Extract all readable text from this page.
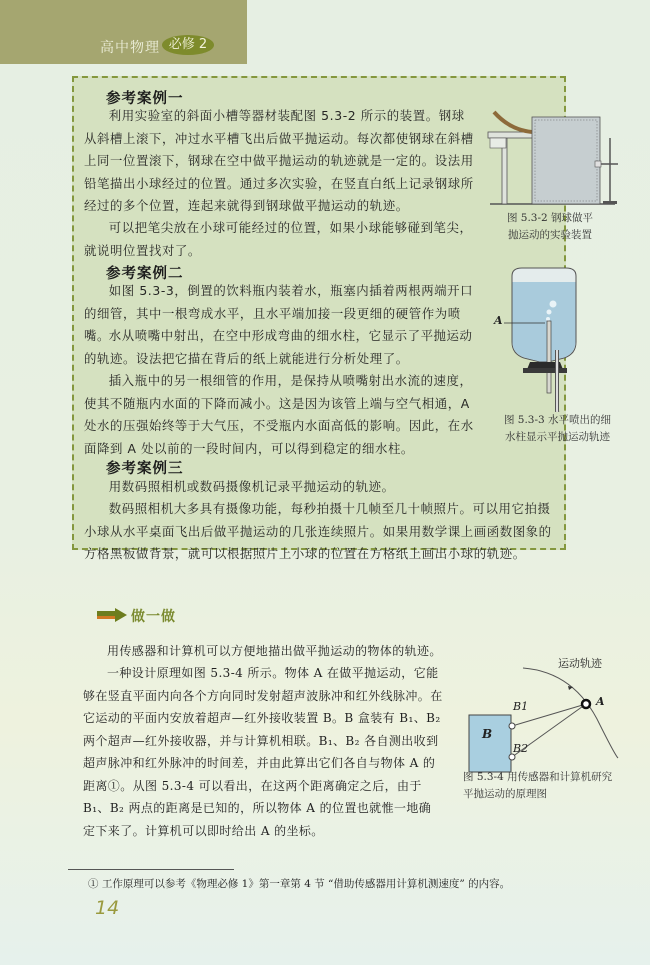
高中物理 必修 2
参考案例一
利用实验室的斜面小槽等器材装配图 5.3-2 所示的装置。钢球从斜槽上滚下，冲过水平槽飞出后做平抛运动。每次都使钢球在斜槽上同一位置滚下，钢球在空中做平抛运动的轨迹就是一定的。设法用铅笔描出小球经过的位置。通过多次实验，在竖直白纸上记录钢球所经过的多个位置，连起来就得到钢球做平抛运动的轨迹。
可以把笔尖放在小球可能经过的位置，如果小球能够碰到笔尖，就说明位置找对了。
图 5.3-2 钢球做平
抛运动的实验装置
参考案例二
如图 5.3-3，倒置的饮料瓶内装着水，瓶塞内插着两根两端开口的细管，其中一根弯成水平，且水平端加接一段更细的硬管作为喷嘴。
水从喷嘴中射出，在空中形成弯曲的细水柱，它显示了平抛运动的轨迹。设法把它描在背后的纸上就能进行分析处理了。
插入瓶中的另一根细管的作用，是保持从喷嘴射出水流的速度，使其不随瓶内水面的下降而减小。这是因为该管上端与空气相通，A处水的压强始终等于大气压，不受瓶内水面高低的影响。因此，在水面降到 A 处以前的一段时间内，可以得到稳定的细水柱。
A
图 5.3-3 水平喷出的细
水柱显示平抛运动轨迹
参考案例三
用数码照相机或数码摄像机记录平抛运动的轨迹。
数码照相机大多具有摄像功能，每秒拍摄十几帧至几十帧照片。可以用它拍摄小球从水平桌面飞出后做平抛运动的几张连续照片。如果用数学课上画函数图象的方格黑板做背景，就可以根据照片上小球的位置在方格纸上画出小球的轨迹。
做一做
用传感器和计算机可以方便地描出做平抛运动的物体的轨迹。
一种设计原理如图 5.3-4 所示。物体 A 在做平抛运动，它能够在竖直平面内向各个方向同时发射超声波脉冲和红外线脉冲。在它运动的平面内安放着超声—红外接收装置 B。B 盒装有 B₁、B₂ 两个超声—红外接收器，并与计算机相联。B₁、B₂ 各自测出收到超声脉冲和红外脉冲的时间差，并由此算出它们各自与物体 A 的距离①。从图 5.3-4 可以看出，在这两个距离确定之后，由于 B₁、B₂ 两点的距离是已知的，所以物体 A 的位置也就惟一地确定下来了。计算机可以即时给出 A 的坐标。
运动轨迹
A
B
B1
B2
图 5.3-4 用传感器和计算机研究
平抛运动的原理图
① 工作原理可以参考《物理必修 1》第一章第 4 节 “借助传感器用计算机测速度” 的内容。
14
